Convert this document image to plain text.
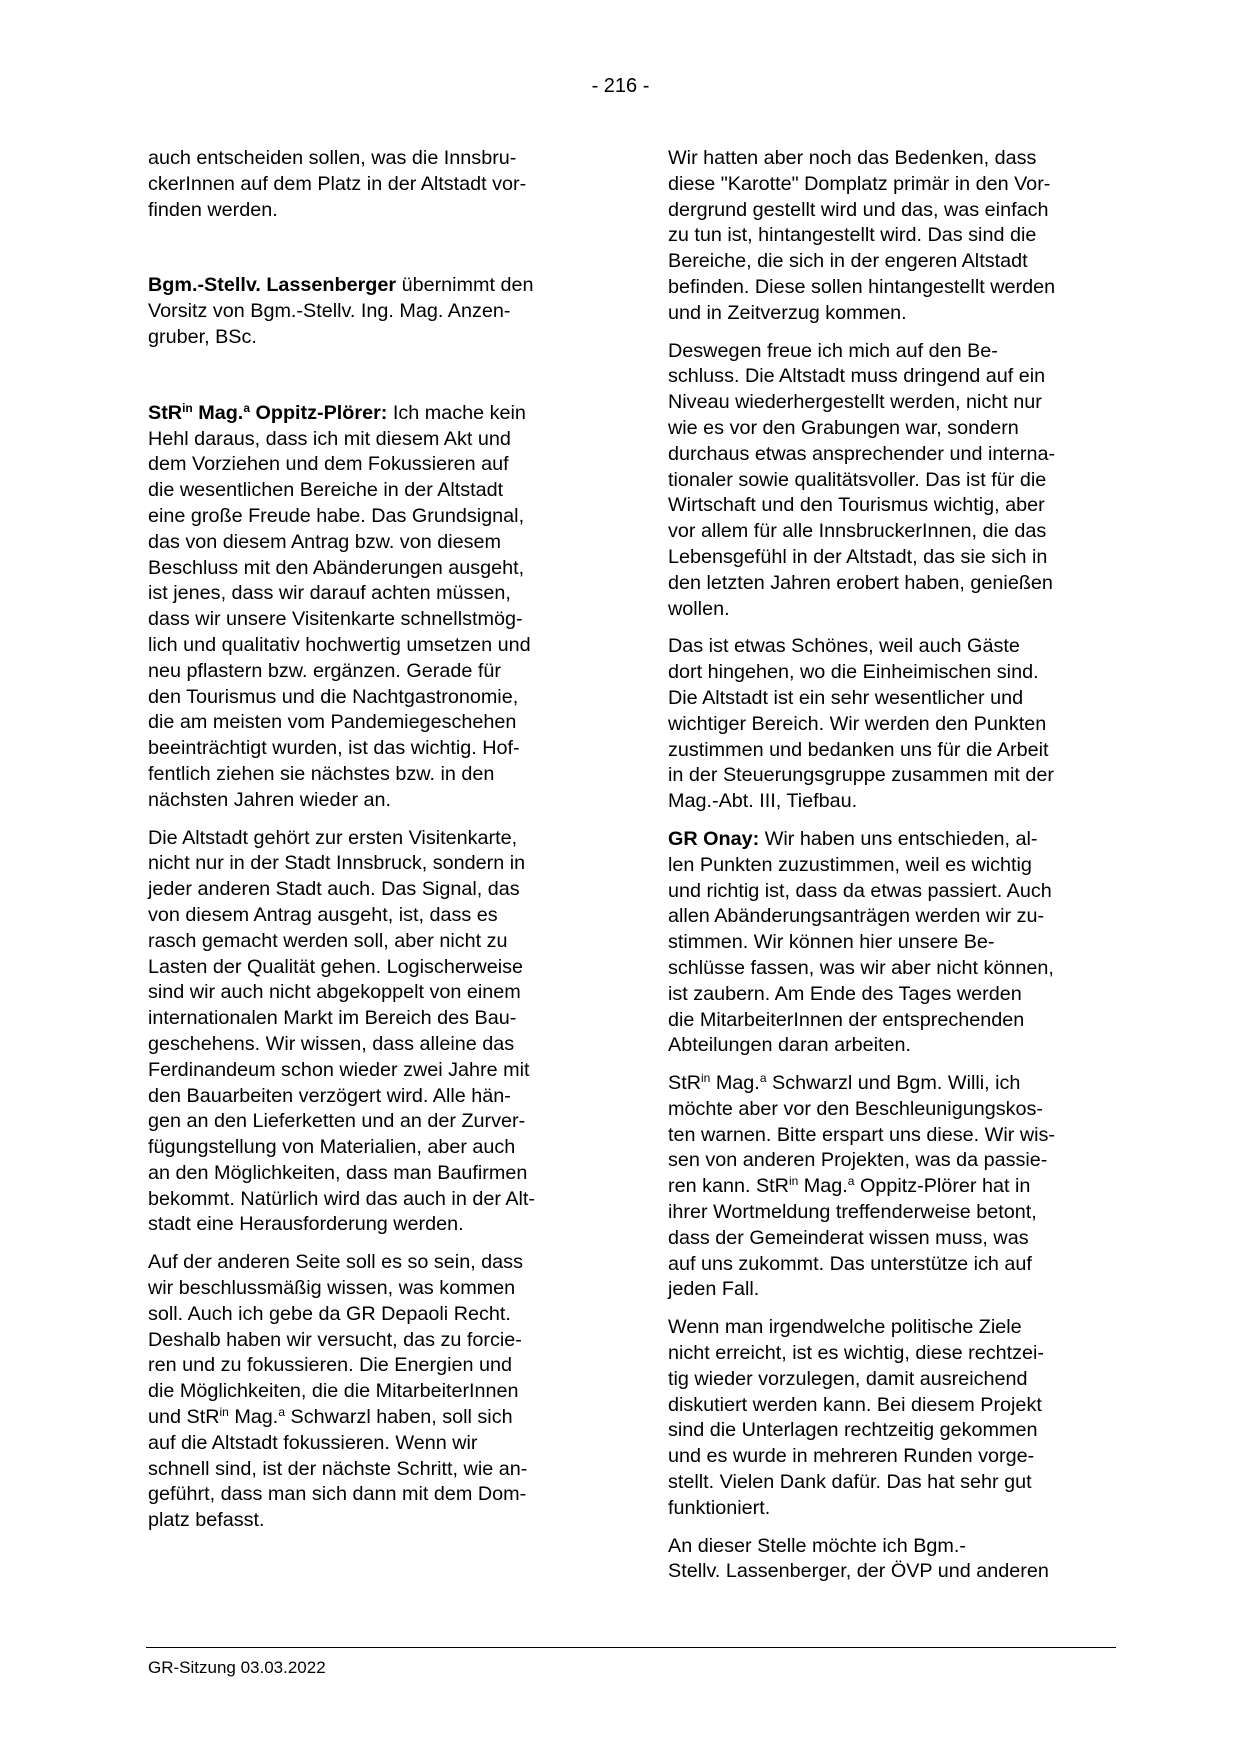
- 216 -

auch entscheiden sollen, was die Innsbru-
ckerInnen auf dem Platz in der Altstadt vor-
finden werden.

Bgm.-Stellv. Lassenberger übernimmt den
Vorsitz von Bgm.-Stellv. Ing. Mag. Anzen-
gruber, BSc.

StR$^{in}$ Mag.$^a$ Oppitz-Plörer: Ich mache kein
Hehl daraus, dass ich mit diesem Akt und
dem Vorziehen und dem Fokussieren auf
die wesentlichen Bereiche in der Altstadt
eine große Freude habe. Das Grundsignal,
das von diesem Antrag bzw. von diesem
Beschluss mit den Abänderungen ausgeht,
ist jenes, dass wir darauf achten müssen,
dass wir unsere Visitenkarte schnellstmög-
lich und qualitativ hochwertig umsetzen und
neu pflastern bzw. ergänzen. Gerade für
den Tourismus und die Nachtgastronomie,
die am meisten vom Pandemiegeschehen
beeinträchtigt wurden, ist das wichtig. Hof-
fentlich ziehen sie nächstes bzw. in den
nächsten Jahren wieder an.

Die Altstadt gehört zur ersten Visitenkarte,
nicht nur in der Stadt Innsbruck, sondern in
jeder anderen Stadt auch. Das Signal, das
von diesem Antrag ausgeht, ist, dass es
rasch gemacht werden soll, aber nicht zu
Lasten der Qualität gehen. Logischerweise
sind wir auch nicht abgekoppelt von einem
internationalen Markt im Bereich des Bau-
geschehens. Wir wissen, dass alleine das
Ferdinandeum schon wieder zwei Jahre mit
den Bauarbeiten verzögert wird. Alle hän-
gen an den Lieferketten und an der Zurver-
fügungstellung von Materialien, aber auch
an den Möglichkeiten, dass man Baufirmen
bekommt. Natürlich wird das auch in der Alt-
stadt eine Herausforderung werden.

Auf der anderen Seite soll es so sein, dass
wir beschlussmäßig wissen, was kommen
soll. Auch ich gebe da GR Depaoli Recht.
Deshalb haben wir versucht, das zu forcie-
ren und zu fokussieren. Die Energien und
die Möglichkeiten, die die MitarbeiterInnen
und StR$^{in}$ Mag.$^a$ Schwarzl haben, soll sich
auf die Altstadt fokussieren. Wenn wir
schnell sind, ist der nächste Schritt, wie an-
geführt, dass man sich dann mit dem Dom-
platz befasst.

Wir hatten aber noch das Bedenken, dass
diese "Karotte" Domplatz primär in den Vor-
dergrund gestellt wird und das, was einfach
zu tun ist, hintangestellt wird. Das sind die
Bereiche, die sich in der engeren Altstadt
befinden. Diese sollen hintangestellt werden
und in Zeitverzug kommen.

Deswegen freue ich mich auf den Be-
schluss. Die Altstadt muss dringend auf ein
Niveau wiederhergestellt werden, nicht nur
wie es vor den Grabungen war, sondern
durchaus etwas ansprechender und interna-
tionaler sowie qualitätsvoller. Das ist für die
Wirtschaft und den Tourismus wichtig, aber
vor allem für alle InnsbruckerInnen, die das
Lebensgefühl in der Altstadt, das sie sich in
den letzten Jahren erobert haben, genießen
wollen.

Das ist etwas Schönes, weil auch Gäste
dort hingehen, wo die Einheimischen sind.
Die Altstadt ist ein sehr wesentlicher und
wichtiger Bereich. Wir werden den Punkten
zustimmen und bedanken uns für die Arbeit
in der Steuerungsgruppe zusammen mit der
Mag.-Abt. III, Tiefbau.

GR Onay: Wir haben uns entschieden, al-
len Punkten zuzustimmen, weil es wichtig
und richtig ist, dass da etwas passiert. Auch
allen Abänderungsanträgen werden wir zu-
stimmen. Wir können hier unsere Be-
schlüsse fassen, was wir aber nicht können,
ist zaubern. Am Ende des Tages werden
die MitarbeiterInnen der entsprechenden
Abteilungen daran arbeiten.

StR$^{in}$ Mag.$^a$ Schwarzl und Bgm. Willi, ich
möchte aber vor den Beschleunigungskos-
ten warnen. Bitte erspart uns diese. Wir wis-
sen von anderen Projekten, was da passie-
ren kann. StR$^{in}$ Mag.$^a$ Oppitz-Plörer hat in
ihrer Wortmeldung treffenderweise betont,
dass der Gemeinderat wissen muss, was
auf uns zukommt. Das unterstütze ich auf
jeden Fall.

Wenn man irgendwelche politische Ziele
nicht erreicht, ist es wichtig, diese rechtzei-
tig wieder vorzulegen, damit ausreichend
diskutiert werden kann. Bei diesem Projekt
sind die Unterlagen rechtzeitig gekommen
und es wurde in mehreren Runden vorge-
stellt. Vielen Dank dafür. Das hat sehr gut
funktioniert.

An dieser Stelle möchte ich Bgm.-
Stellv. Lassenberger, der ÖVP und anderen

GR-Sitzung 03.03.2022
